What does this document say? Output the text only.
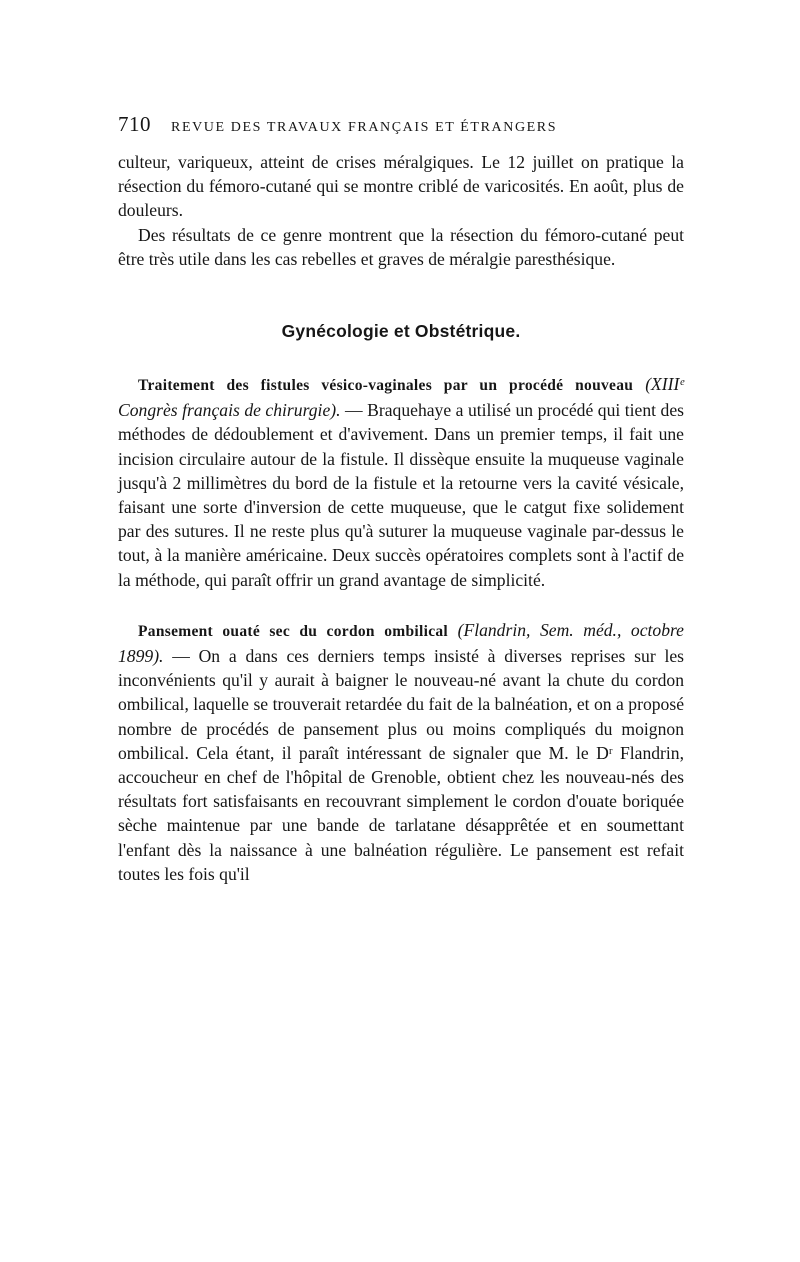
710 REVUE DES TRAVAUX FRANÇAIS ET ÉTRANGERS

culteur, variqueux, atteint de crises méralgiques. Le 12 juillet on pratique la résection du fémoro-cutané qui se montre criblé de varicosités. En août, plus de douleurs.

Des résultats de ce genre montrent que la résection du fémoro-cutané peut être très utile dans les cas rebelles et graves de méralgie paresthésique.

Gynécologie et Obstétrique.

Traitement des fistules vésico-vaginales par un procédé nouveau (XIIIᵉ Congrès français de chirurgie). — Braquehaye a utilisé un procédé qui tient des méthodes de dédoublement et d'avivement. Dans un premier temps, il fait une incision circulaire autour de la fistule. Il dissèque ensuite la muqueuse vaginale jusqu'à 2 millimètres du bord de la fistule et la retourne vers la cavité vésicale, faisant une sorte d'inversion de cette muqueuse, que le catgut fixe solidement par des sutures. Il ne reste plus qu'à suturer la muqueuse vaginale par-dessus le tout, à la manière américaine. Deux succès opératoires complets sont à l'actif de la méthode, qui paraît offrir un grand avantage de simplicité.

Pansement ouaté sec du cordon ombilical (Flandrin, Sem. méd., octobre 1899). — On a dans ces derniers temps insisté à diverses reprises sur les inconvénients qu'il y aurait à baigner le nouveau-né avant la chute du cordon ombilical, laquelle se trouverait retardée du fait de la balnéation, et on a proposé nombre de procédés de pansement plus ou moins compliqués du moignon ombilical. Cela étant, il paraît intéressant de signaler que M. le Dʳ Flandrin, accoucheur en chef de l'hôpital de Grenoble, obtient chez les nouveau-nés des résultats fort satisfaisants en recouvrant simplement le cordon d'ouate boriquée sèche maintenue par une bande de tarlatane désapprêtée et en soumettant l'enfant dès la naissance à une balnéation régulière. Le pansement est refait toutes les fois qu'il
